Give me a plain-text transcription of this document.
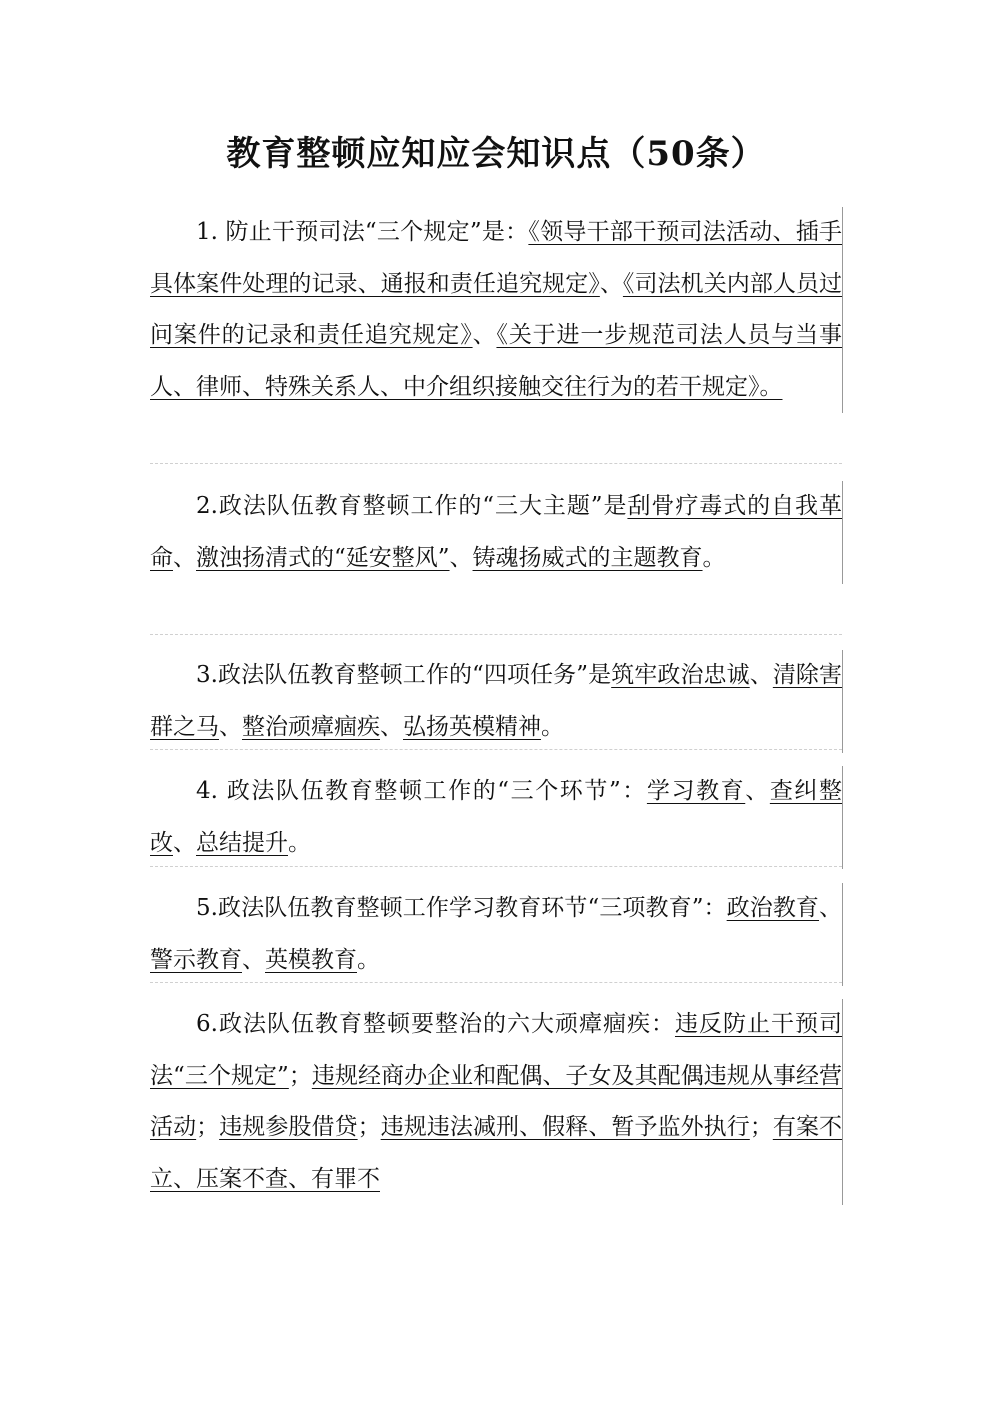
教育整顿应知应会知识点（50条）
1. 防止干预司法“三个规定”是：《领导干部干预司法活动、插手具体案件处理的记录、通报和责任追究规定》、《司法机关内部人员过问案件的记录和责任追究规定》、《关于进一步规范司法人员与当事人、律师、特殊关系人、中介组织接触交往行为的若干规定》。
2.政法队伍教育整顿工作的“三大主题”是刮骨疗毒式的自我革命、激浊扬清式的“延安整风”、铸魂扬威式的主题教育。
3.政法队伍教育整顿工作的“四项任务”是筑牢政治忠诚、清除害群之马、整治顽瘴痼疾、弘扬英模精神。
4. 政法队伍教育整顿工作的“三个环节”：学习教育、查纠整改、总结提升。
5.政法队伍教育整顿工作学习教育环节“三项教育”：政治教育、警示教育、英模教育。
6.政法队伍教育整顿要整治的六大顽瘴痼疾：违反防止干预司法“三个规定”；违规经商办企业和配偶、子女及其配偶违规从事经营活动；违规参股借贷；违规违法减刑、假释、暂予监外执行；有案不立、压案不查、有罪不
